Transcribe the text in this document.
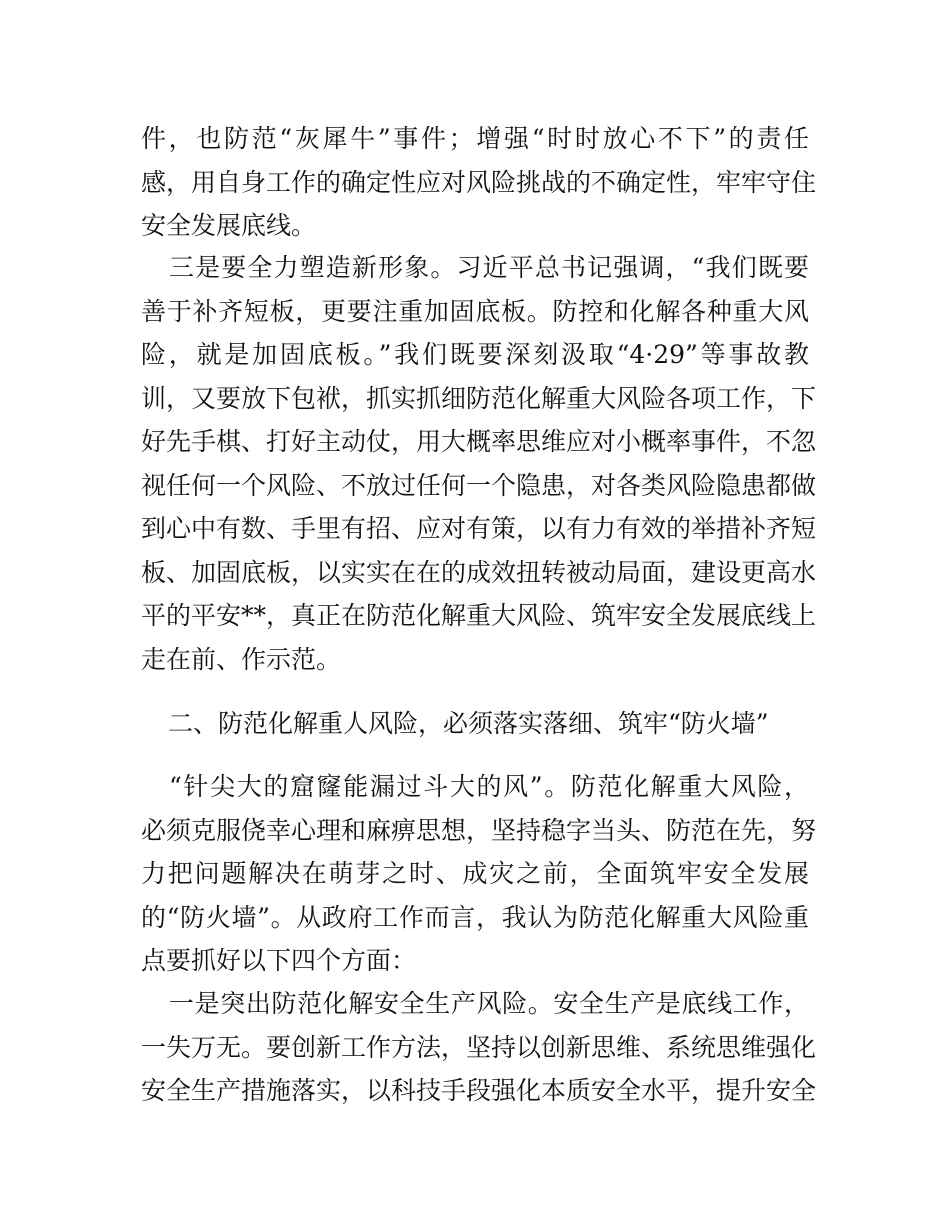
件，也防范“灰犀牛”事件；增强“时时放心不下”的责任
感，用自身工作的确定性应对风险挑战的不确定性，牢牢守住
安全发展底线。
三是要全力塑造新形象。习近平总书记强调，“我们既要
善于补齐短板，更要注重加固底板。防控和化解各种重大风
险，就是加固底板。”我们既要深刻汲取“4·29”等事故教
训，又要放下包袱，抓实抓细防范化解重大风险各项工作，下
好先手棋、打好主动仗，用大概率思维应对小概率事件，不忽
视任何一个风险、不放过任何一个隐患，对各类风险隐患都做
到心中有数、手里有招、应对有策，以有力有效的举措补齐短
板、加固底板，以实实在在的成效扭转被动局面，建设更高水
平的平安**，真正在防范化解重大风险、筑牢安全发展底线上
走在前、作示范。
二、防范化解重人风险，必须落实落细、筑牢“防火墙”
“针尖大的窟窿能漏过斗大的风”。防范化解重大风险，
必须克服侥幸心理和麻痹思想，坚持稳字当头、防范在先，努
力把问题解决在萌芽之时、成灾之前，全面筑牢安全发展
的“防火墙”。从政府工作而言，我认为防范化解重大风险重
点要抓好以下四个方面：
一是突出防范化解安全生产风险。安全生产是底线工作，
一失万无。要创新工作方法，坚持以创新思维、系统思维强化
安全生产措施落实，以科技手段强化本质安全水平，提升安全
